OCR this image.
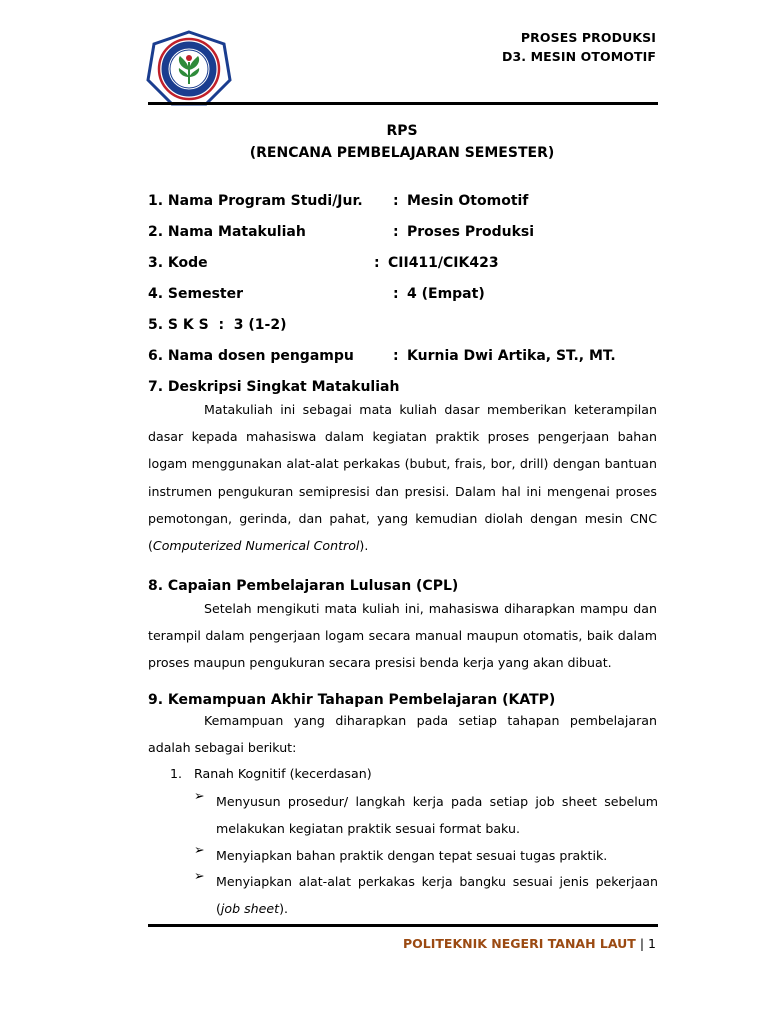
PROSES PRODUKSI
D3. MESIN OTOMOTIF
RPS
(RENCANA PEMBELAJARAN SEMESTER)
1. Nama Program Studi/Jur. : Mesin Otomotif
2. Nama Matakuliah	: Proses Produksi
3. Kode	: CII411/CIK423
4. Semester	: 4 (Empat)
5. S K S  :  3 (1-2)
6. Nama dosen pengampu	: Kurnia Dwi Artika, ST., MT.
7. Deskripsi Singkat Matakuliah
Matakuliah ini sebagai mata kuliah dasar memberikan keterampilan dasar kepada mahasiswa dalam kegiatan praktik proses pengerjaan bahan logam menggunakan alat-alat perkakas (bubut, frais, bor, drill) dengan bantuan instrumen pengukuran semipresisi dan presisi. Dalam hal ini mengenai proses pemotongan, gerinda, dan pahat, yang kemudian diolah dengan mesin CNC (Computerized Numerical Control).
8. Capaian Pembelajaran Lulusan (CPL)
Setelah mengikuti mata kuliah ini, mahasiswa diharapkan mampu dan terampil dalam pengerjaan logam secara manual maupun otomatis, baik dalam proses maupun pengukuran secara presisi benda kerja yang akan dibuat.
9. Kemampuan Akhir Tahapan Pembelajaran (KATP)
Kemampuan yang diharapkan pada setiap tahapan pembelajaran adalah sebagai berikut:
1.   Ranah Kognitif (kecerdasan)
➢ Menyusun prosedur/ langkah kerja pada setiap job sheet sebelum melakukan kegiatan praktik sesuai format baku.
➢ Menyiapkan bahan praktik dengan tepat sesuai tugas praktik.
➢ Menyiapkan alat-alat perkakas kerja bangku sesuai jenis pekerjaan (job sheet).
POLITEKNIK NEGERI TANAH LAUT | 1
